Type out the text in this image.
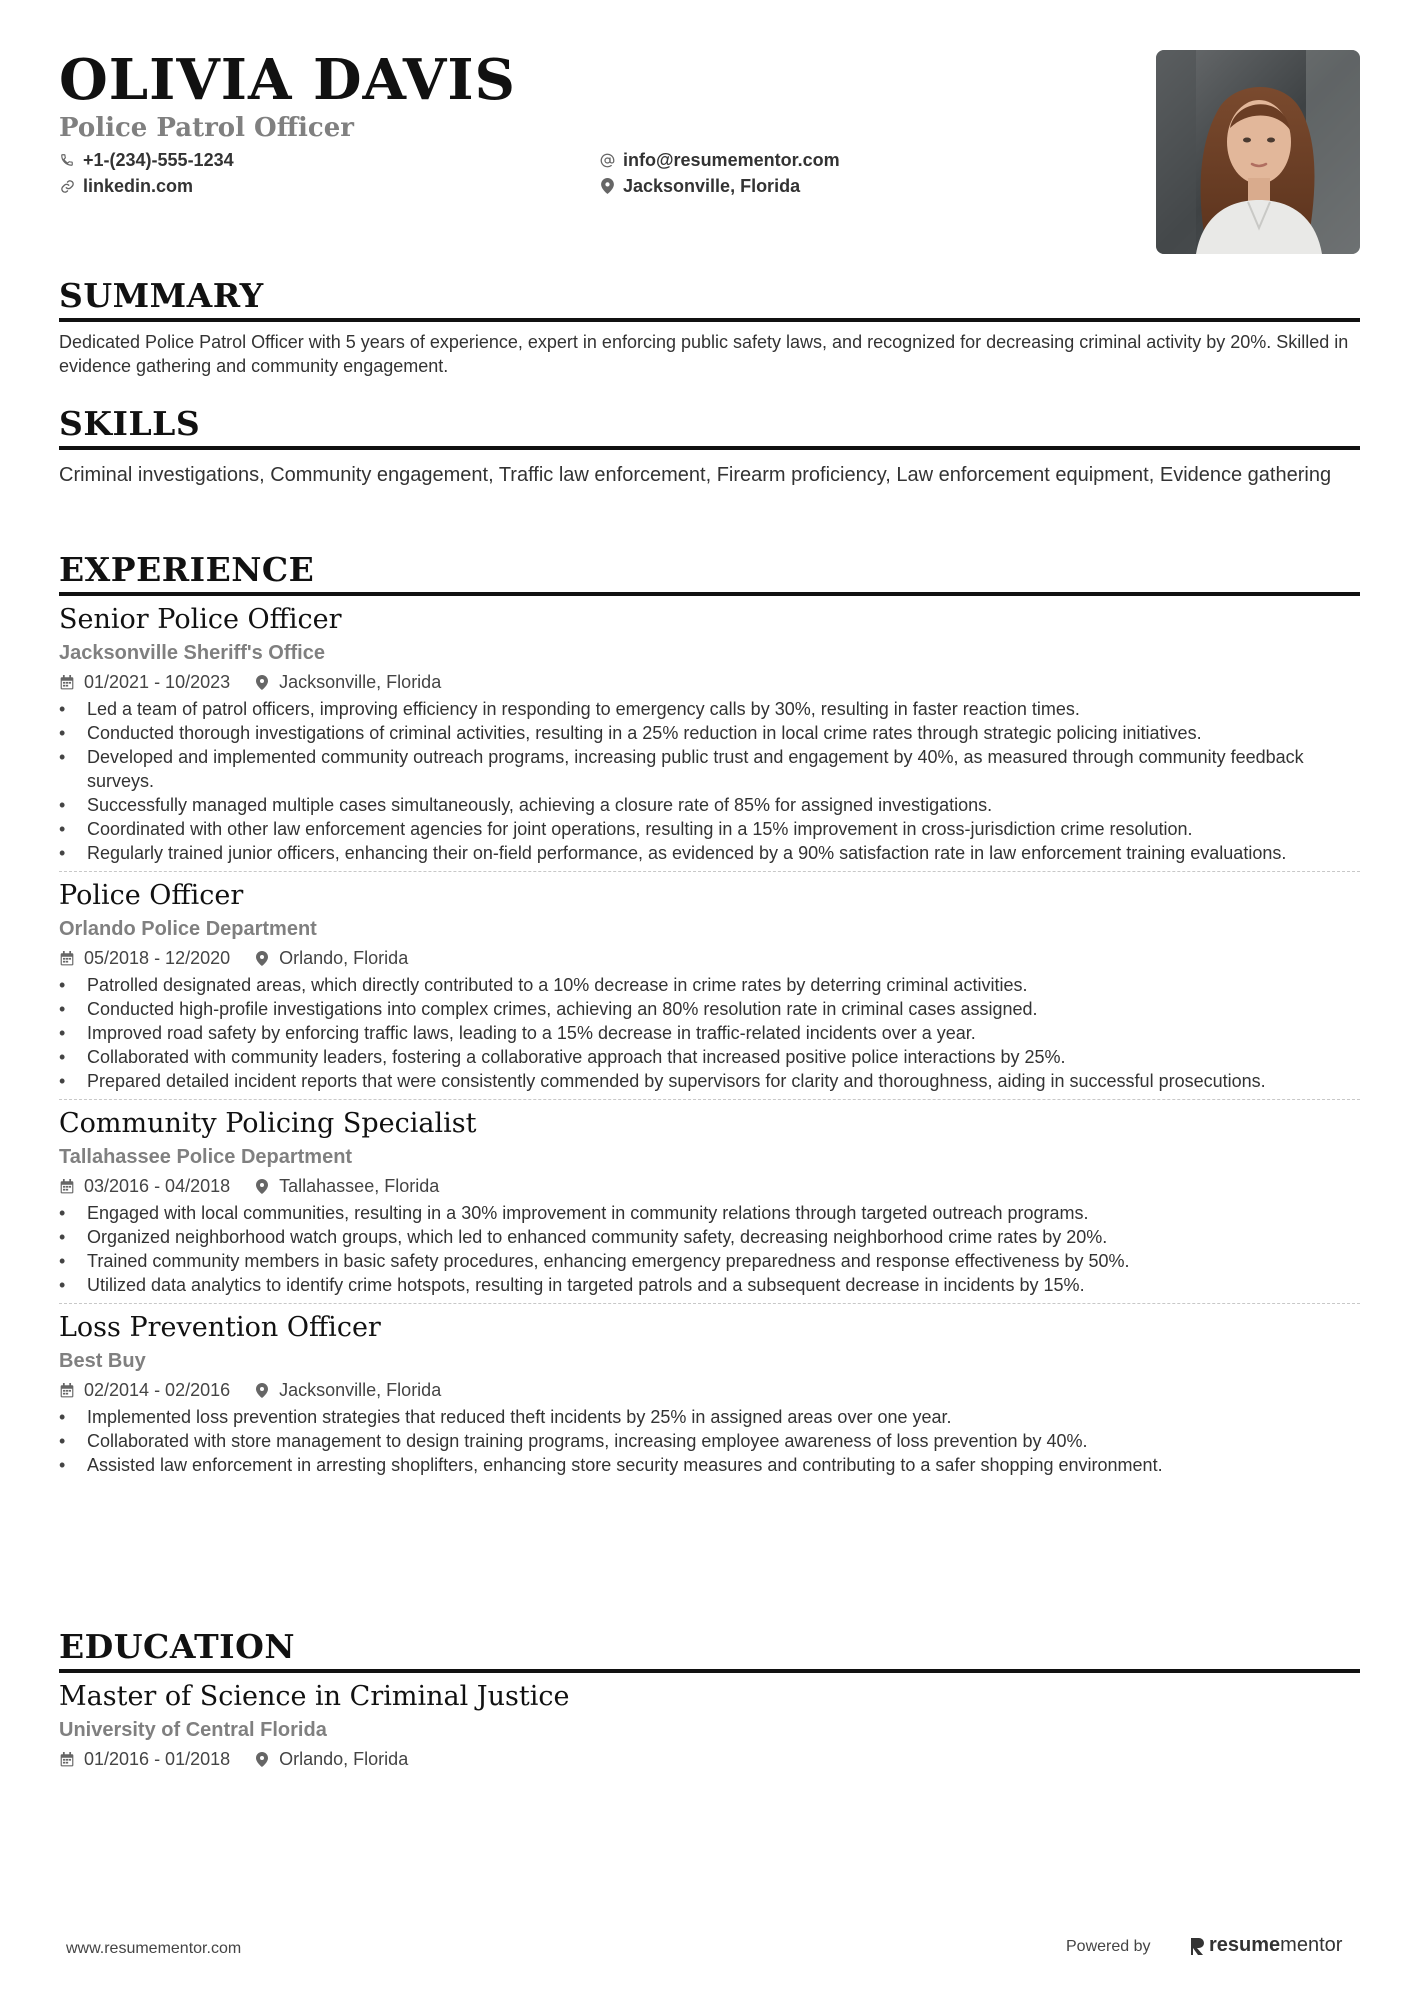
OLIVIA DAVIS
Police Patrol Officer
+1-(234)-555-1234
linkedin.com
info@resumementor.com
Jacksonville, Florida
SUMMARY

Dedicated Police Patrol Officer with 5 years of experience, expert in enforcing public safety laws, and recognized for decreasing criminal activity by 20%. Skilled in evidence gathering and community engagement.

SKILLS

Criminal investigations, Community engagement, Traffic law enforcement, Firearm proficiency, Law enforcement equipment, Evidence gathering

EXPERIENCE
Senior Police Officer
Jacksonville Sheriff's Office
01/2021 - 10/2023	Jacksonville, Florida
• Led a team of patrol officers, improving efficiency in responding to emergency calls by 30%, resulting in faster reaction times.
• Conducted thorough investigations of criminal activities, resulting in a 25% reduction in local crime rates through strategic policing initiatives.
• Developed and implemented community outreach programs, increasing public trust and engagement by 40%, as measured through community feedback surveys.
• Successfully managed multiple cases simultaneously, achieving a closure rate of 85% for assigned investigations.
• Coordinated with other law enforcement agencies for joint operations, resulting in a 15% improvement in cross-jurisdiction crime resolution.
• Regularly trained junior officers, enhancing their on-field performance, as evidenced by a 90% satisfaction rate in law enforcement training evaluations.
Police Officer
Orlando Police Department
05/2018 - 12/2020	Orlando, Florida
• Patrolled designated areas, which directly contributed to a 10% decrease in crime rates by deterring criminal activities.
• Conducted high-profile investigations into complex crimes, achieving an 80% resolution rate in criminal cases assigned.
• Improved road safety by enforcing traffic laws, leading to a 15% decrease in traffic-related incidents over a year.
• Collaborated with community leaders, fostering a collaborative approach that increased positive police interactions by 25%.
• Prepared detailed incident reports that were consistently commended by supervisors for clarity and thoroughness, aiding in successful prosecutions.
Community Policing Specialist
Tallahassee Police Department
03/2016 - 04/2018	Tallahassee, Florida
• Engaged with local communities, resulting in a 30% improvement in community relations through targeted outreach programs.
• Organized neighborhood watch groups, which led to enhanced community safety, decreasing neighborhood crime rates by 20%.
• Trained community members in basic safety procedures, enhancing emergency preparedness and response effectiveness by 50%.
• Utilized data analytics to identify crime hotspots, resulting in targeted patrols and a subsequent decrease in incidents by 15%.
Loss Prevention Officer
Best Buy
02/2014 - 02/2016	Jacksonville, Florida
• Implemented loss prevention strategies that reduced theft incidents by 25% in assigned areas over one year.
• Collaborated with store management to design training programs, increasing employee awareness of loss prevention by 40%.
• Assisted law enforcement in arresting shoplifters, enhancing store security measures and contributing to a safer shopping environment.
EDUCATION
Master of Science in Criminal Justice
University of Central Florida
01/2016 - 01/2018	Orlando, Florida
www.resumementor.com	Powered by	resume mentor
